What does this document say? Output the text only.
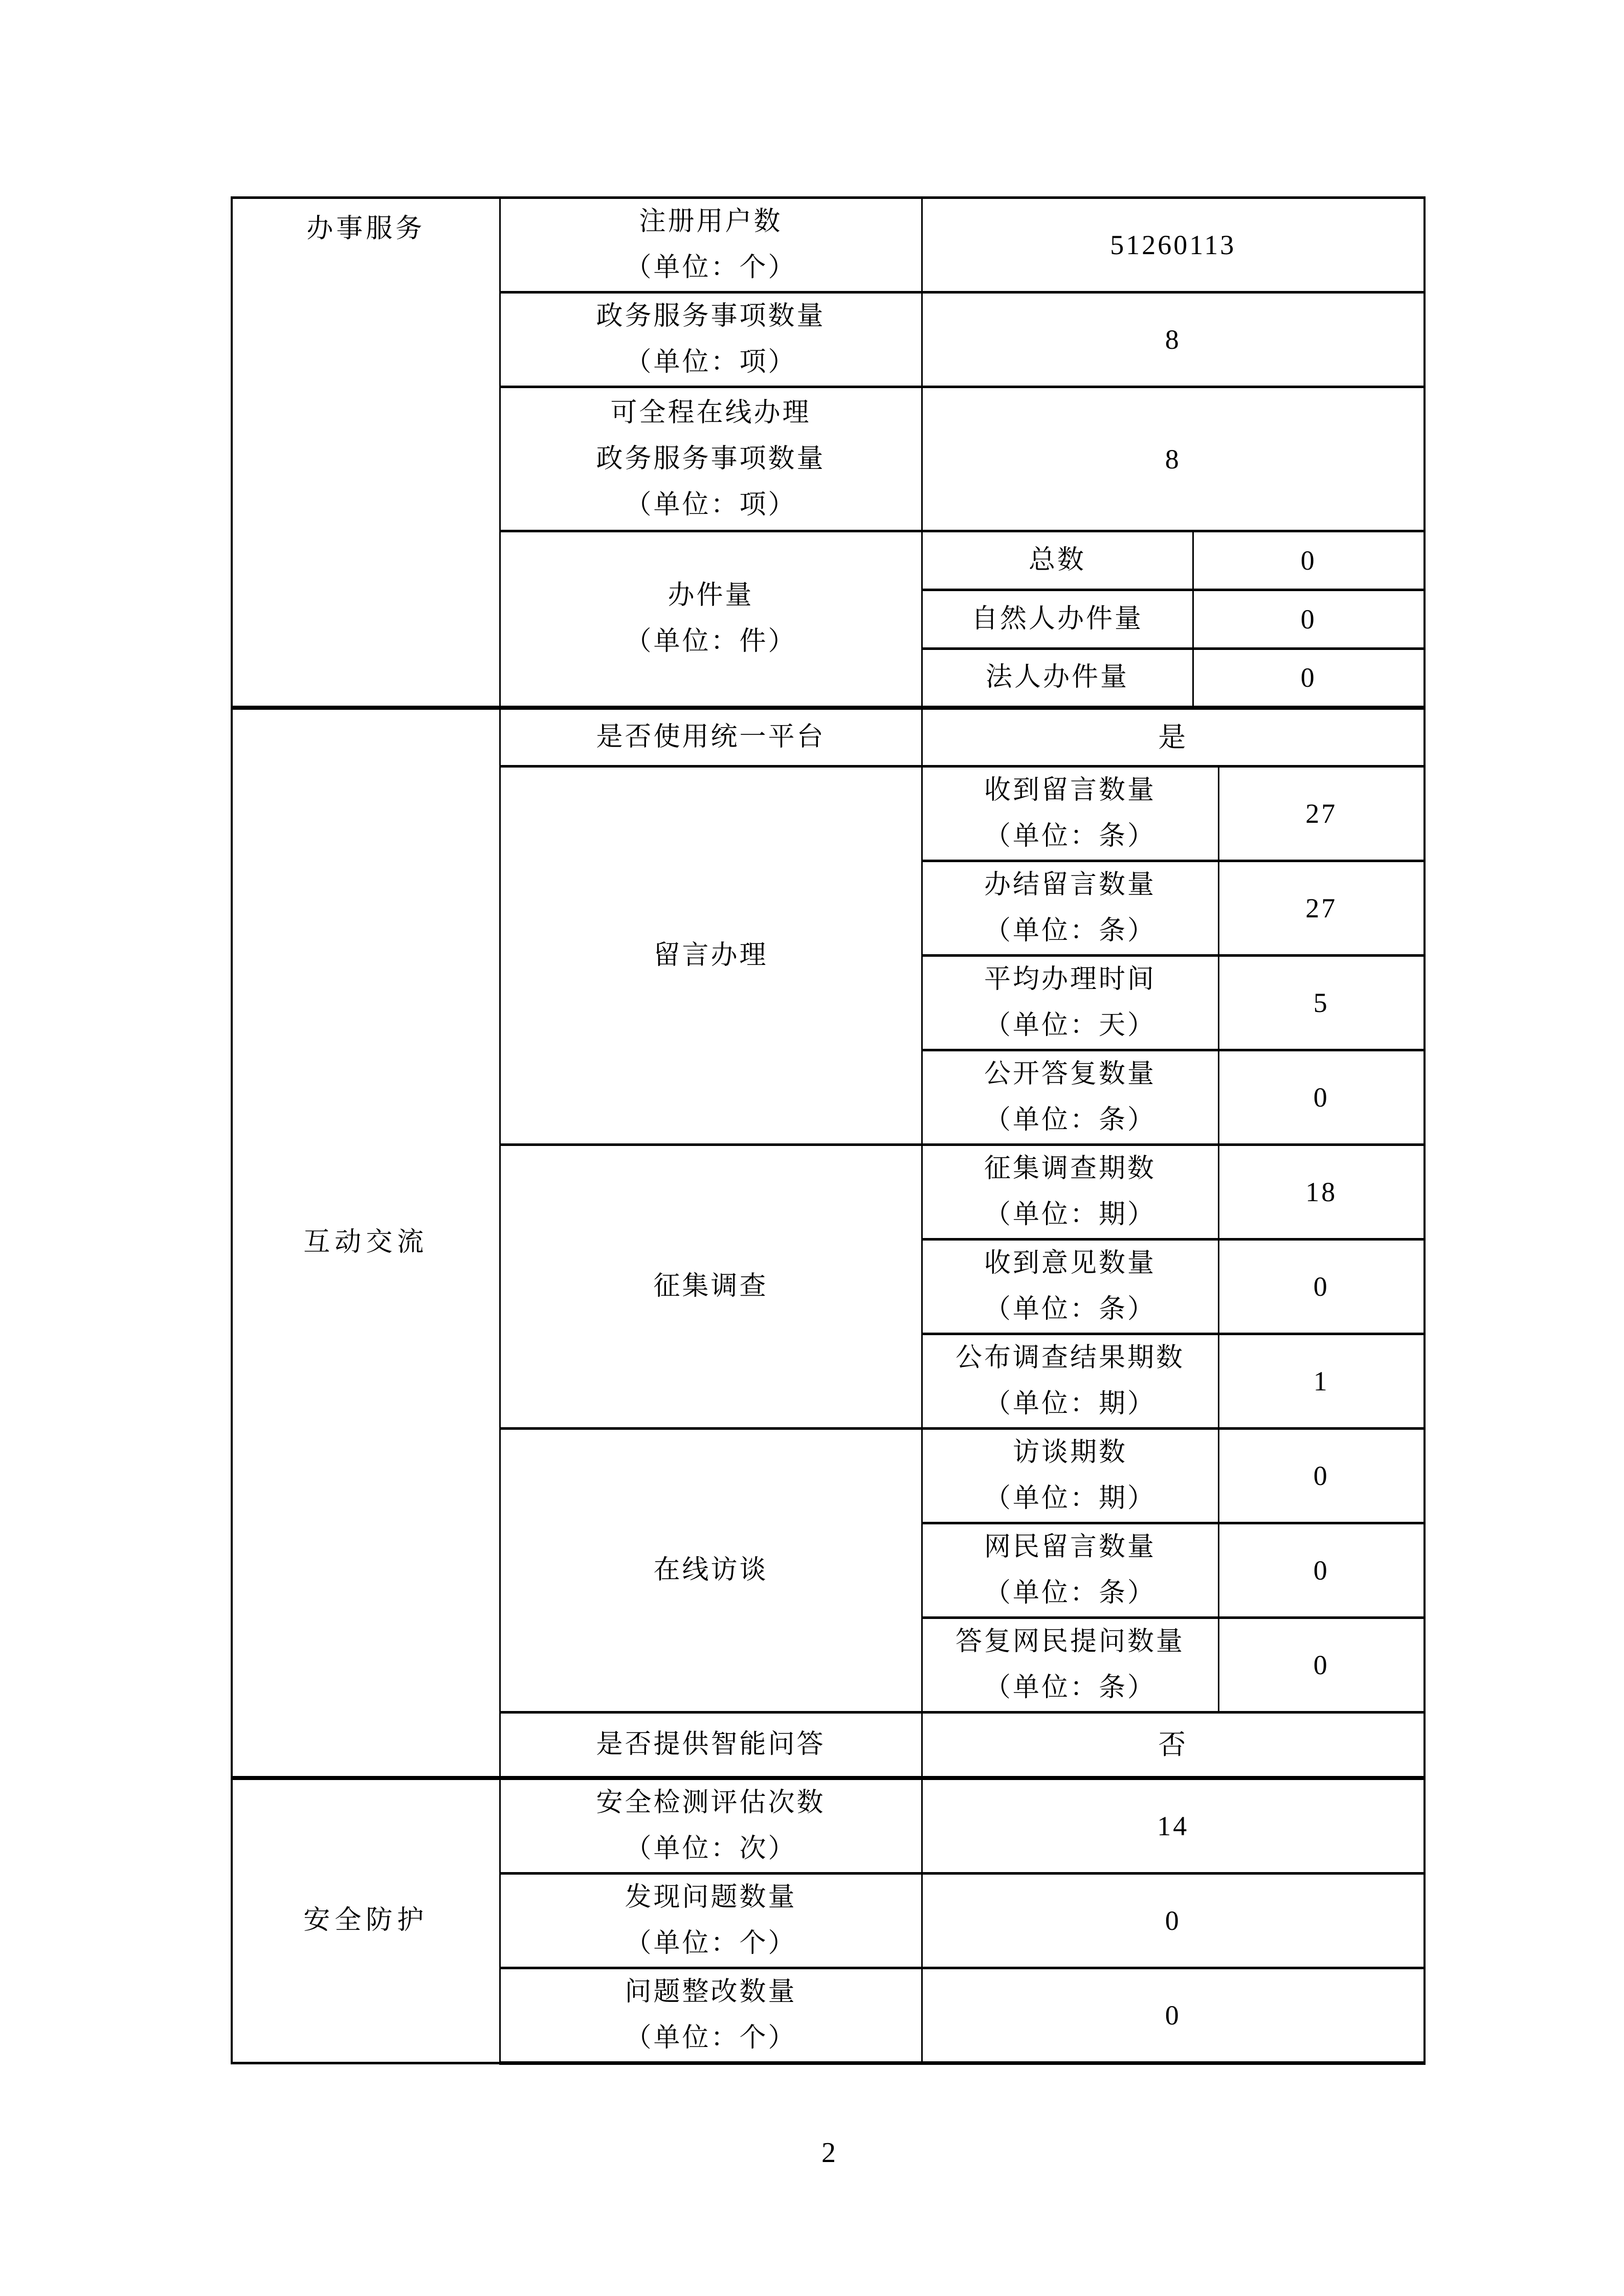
办事服务	注册用户数
（单位：个）	51260113		

	政务服务事项数量
（单位：项）	8		

	可全程在线办理
政务服务事项数量
（单位：项）	8		

	办件量
（单位：件）	总数	0	

		自然人办件量	0	

		法人办件量	0	

互动交流	是否使用统一平台	是		

	留言办理	收到留言数量
（单位：条）		27

		办结留言数量
（单位：条）		27

		平均办理时间
（单位：天）		5

		公开答复数量
（单位：条）		0

	征集调查	征集调查期数
（单位：期）		18

		收到意见数量
（单位：条）		0

		公布调查结果期数
（单位：期）		1

	在线访谈	访谈期数
（单位：期）		0

		网民留言数量
（单位：条）		0

		答复网民提问数量
（单位：条）		0

	是否提供智能问答	否		

安全防护	安全检测评估次数
（单位：次）	14		

	发现问题数量
（单位：个）	0		

	问题整改数量
（单位：个）	0		
2
